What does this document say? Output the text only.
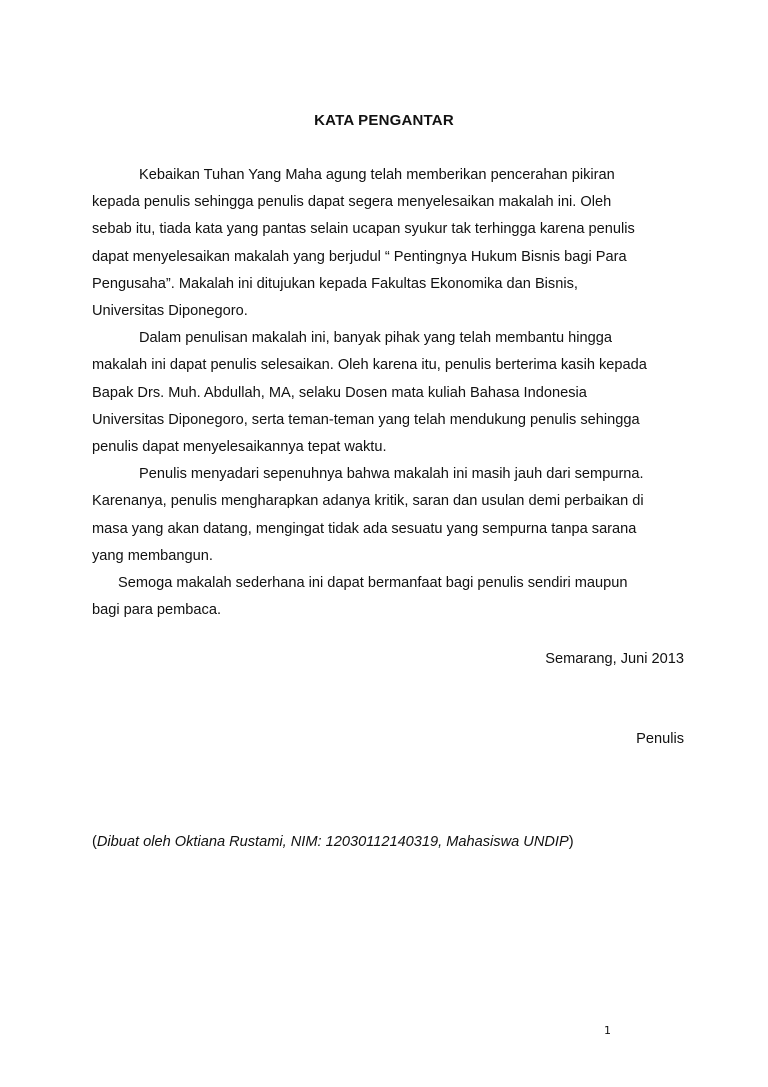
KATA PENGANTAR
Kebaikan Tuhan Yang Maha agung telah memberikan pencerahan pikiran
kepada penulis sehingga penulis dapat segera menyelesaikan makalah ini. Oleh
sebab itu, tiada kata yang pantas selain ucapan syukur tak terhingga karena penulis
dapat menyelesaikan makalah yang berjudul “ Pentingnya Hukum Bisnis bagi Para
Pengusaha”. Makalah ini ditujukan kepada Fakultas Ekonomika dan Bisnis,
Universitas Diponegoro.
Dalam penulisan makalah ini, banyak pihak yang telah membantu hingga
makalah ini dapat penulis selesaikan. Oleh karena itu, penulis berterima kasih kepada
Bapak Drs. Muh. Abdullah, MA, selaku Dosen mata kuliah Bahasa Indonesia
Universitas Diponegoro, serta teman-teman yang telah mendukung penulis sehingga
penulis dapat menyelesaikannya tepat waktu.
Penulis menyadari sepenuhnya bahwa makalah ini masih jauh dari sempurna.
Karenanya, penulis mengharapkan adanya kritik, saran dan usulan demi perbaikan di
masa yang akan datang, mengingat tidak ada sesuatu yang sempurna tanpa sarana
yang membangun.
Semoga makalah sederhana ini dapat bermanfaat bagi penulis sendiri maupun
bagi para pembaca.
Semarang, Juni 2013
Penulis
(Dibuat oleh Oktiana Rustami, NIM: 12030112140319, Mahasiswa UNDIP)
1
